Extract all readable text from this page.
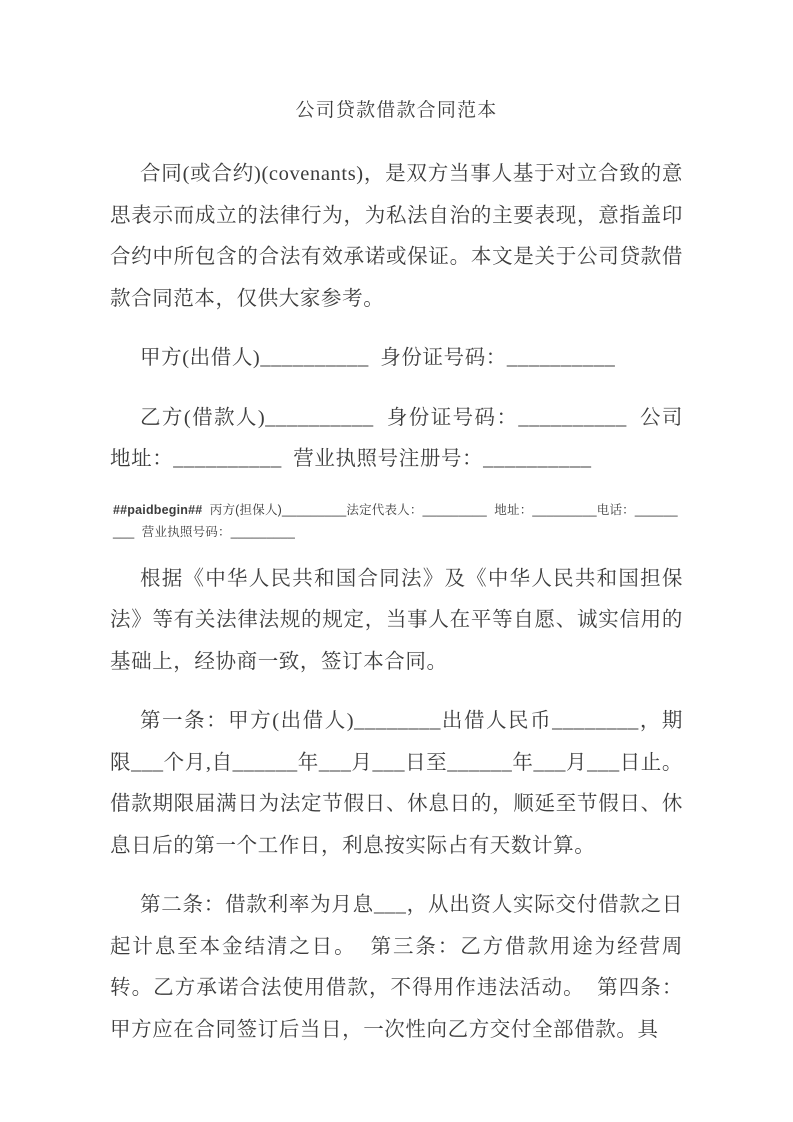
公司贷款借款合同范本

合同(或合约)(covenants)，是双方当事人基于对立合致的意思表示而成立的法律行为，为私法自治的主要表现，意指盖印合约中所包含的合法有效承诺或保证。本文是关于公司贷款借款合同范本，仅供大家参考。

甲方(出借人)__________  身份证号码：__________

乙方(借款人)__________  身份证号码：__________  公司地址：__________  营业执照号注册号：__________

##paidbegin##  丙方(担保人)_________法定代表人：_________  地址：_________电话：_________  营业执照号码：_________

根据《中华人民共和国合同法》及《中华人民共和国担保法》等有关法律法规的规定，当事人在平等自愿、诚实信用的基础上，经协商一致，签订本合同。

第一条：甲方(出借人)________出借人民币________，期限___个月,自______年___月___日至______年___月___日止。借款期限届满日为法定节假日、休息日的，顺延至节假日、休息日后的第一个工作日，利息按实际占有天数计算。

第二条：借款利率为月息___，从出资人实际交付借款之日起计息至本金结清之日。  第三条：乙方借款用途为经营周转。乙方承诺合法使用借款，不得用作违法活动。  第四条：甲方应在合同签订后当日，一次性向乙方交付全部借款。具
